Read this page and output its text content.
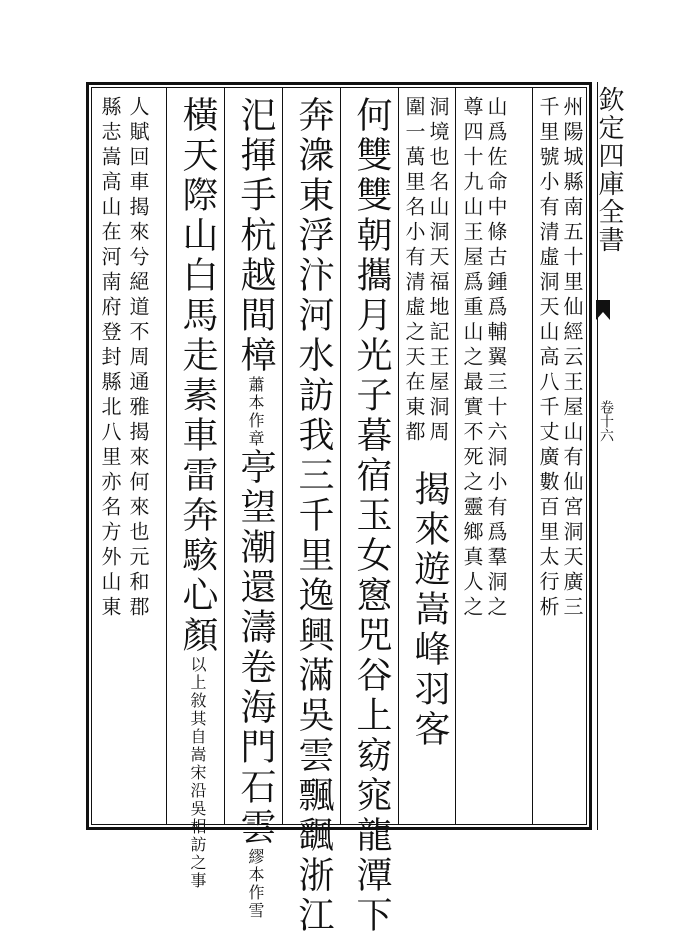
欽定四庫全書
卷十六
州陽城縣南五十里仙經云王屋山有仙宮洞天廣三
千里號小有清虛洞天山高八千丈廣數百里太行析
山爲佐命中條古鍾爲輔翼三十六洞小有爲羣洞之
尊四十九山王屋爲重山之最實不死之靈鄉真人之
洞境也名山洞天福地記王屋洞周
圍一萬里名小有清虛之天在東都
揭來遊嵩峰羽客
何雙雙朝攜月光子暮宿玉女窻兕谷上窈窕龍潭下
奔潨東浮汴河水訪我三千里逸興滿吳雲飄颻浙江
汜揮手杭越間樟蕭本作章亭望潮還濤卷海門石雲繆本作雪
橫天際山白馬走素車雷奔駭心顏以上敘其自嵩宋沿吳相訪之事
人賦回車揭來兮絕道不周通雅揭來何來也元和郡
縣志嵩高山在河南府登封縣北八里亦名方外山東
